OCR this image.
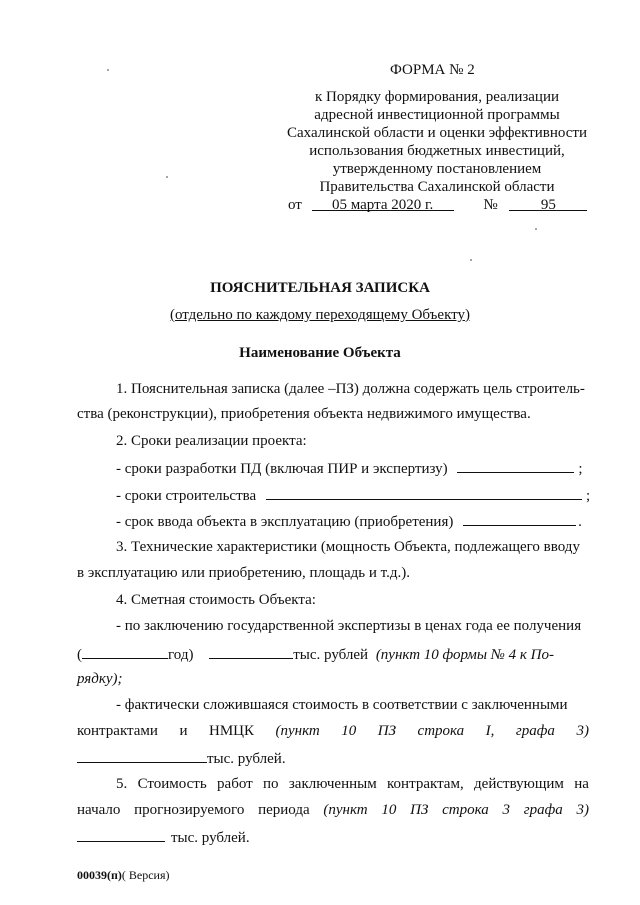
ФОРМА № 2
к Порядку формирования, реализации
адресной инвестиционной программы
Сахалинской области и оценки эффективности
использования бюджетных инвестиций,
утвержденному постановлением
Правительства Сахалинской области
от 05 марта 2020 г.	№	95
ПОЯСНИТЕЛЬНАЯ ЗАПИСКА
(отдельно по каждому переходящему Объекту)
Наименование Объекта
1. Пояснительная записка (далее –ПЗ) должна содержать цель строитель-
ства (реконструкции), приобретения объекта недвижимого имущества.
2. Сроки реализации проекта:
- сроки разработки ПД (включая ПИР и экспертизу)	;
- сроки строительства	;
- срок ввода объекта в эксплуатацию (приобретения)	.
3. Технические характеристики (мощность Объекта, подлежащего вводу
в эксплуатацию или приобретению, площадь и т.д.).
4. Сметная стоимость Объекта:
- по заключению государственной экспертизы в ценах года ее получения
(	год)	тыс. рублей (пункт 10 формы № 4 к По-
рядку);
- фактически сложившаяся стоимость в соответствии с заключенными
контрактами и НМЦК (пункт 10 ПЗ строка I, графа 3)
тыс. рублей.
5. Стоимость работ по заключенным контрактам, действующим на
начало прогнозируемого периода (пункт 10 ПЗ строка 3 графа 3)
тыс. рублей.
00039(п)( Версия)
